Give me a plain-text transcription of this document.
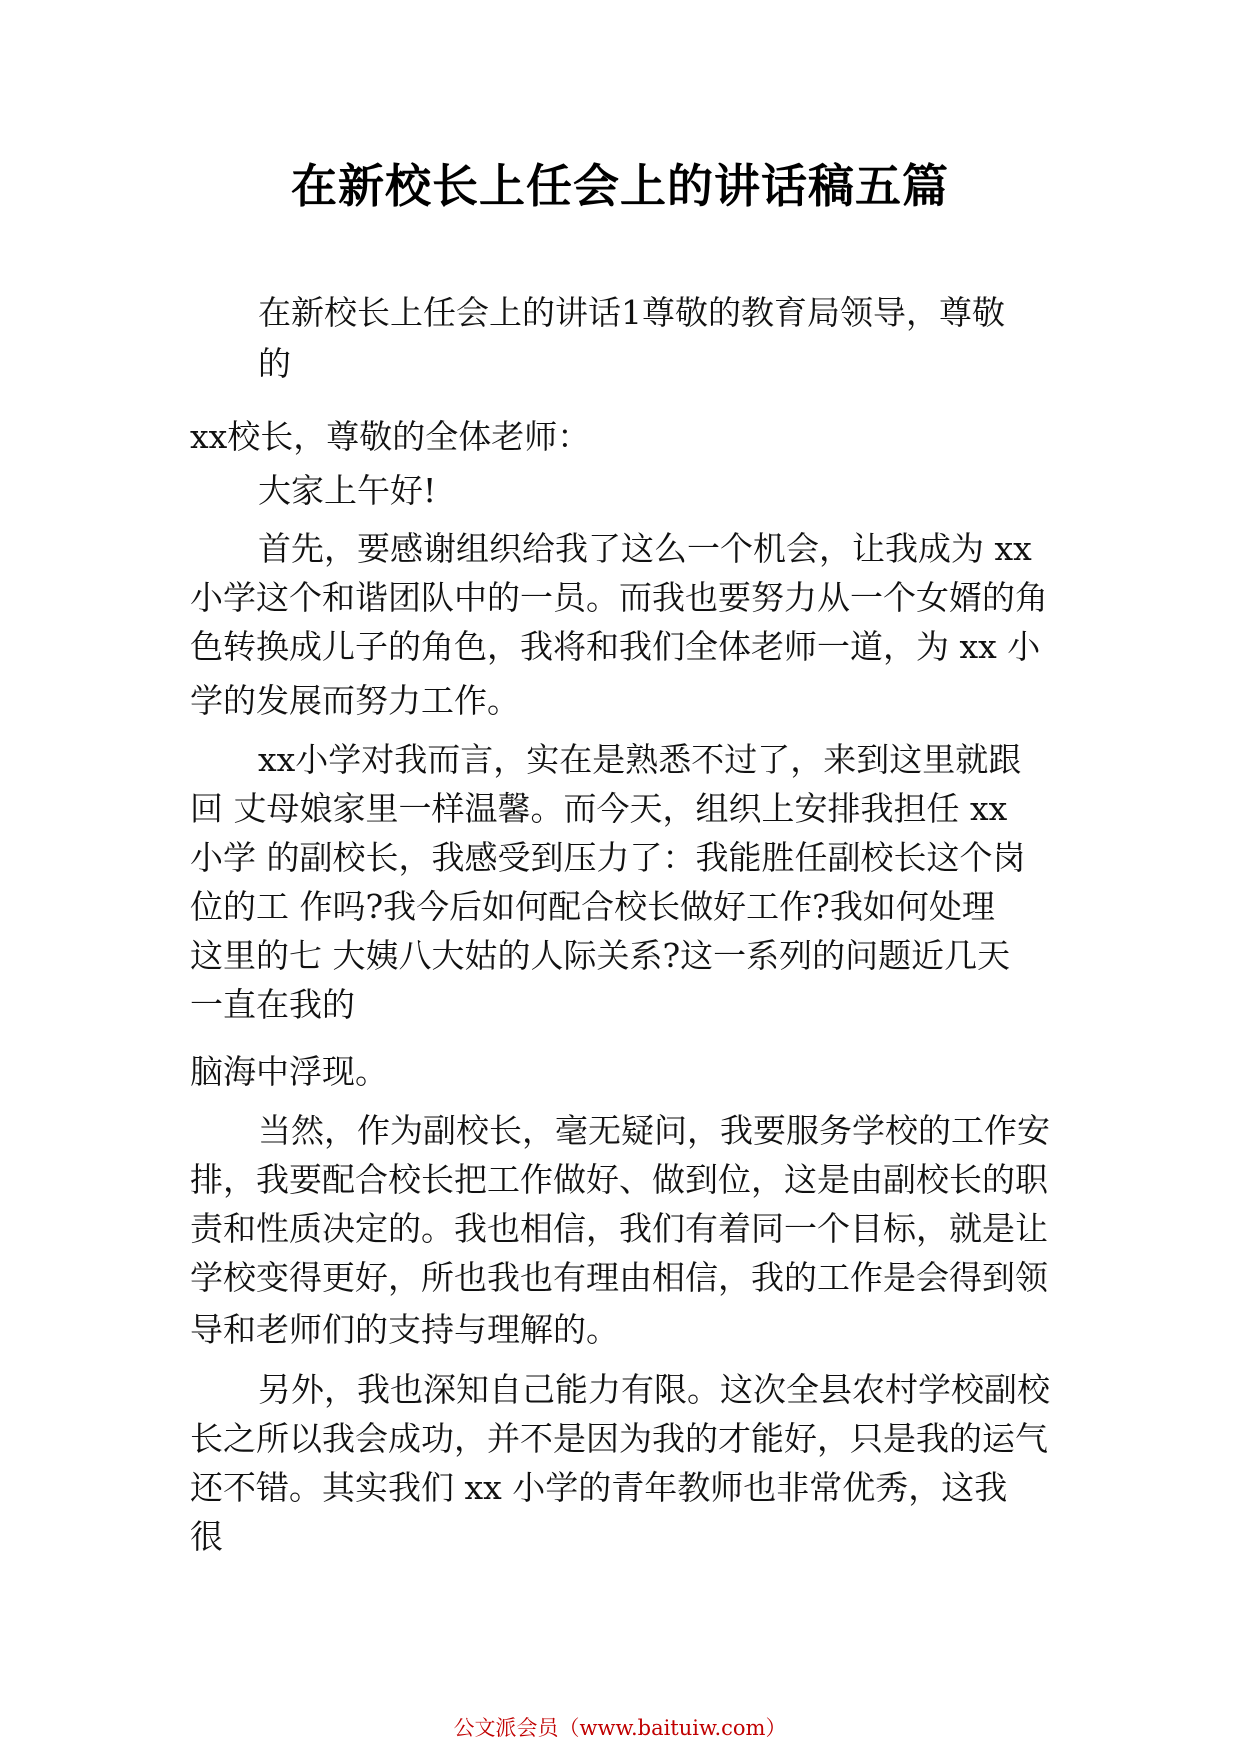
在新校长上任会上的讲话稿五篇
在新校长上任会上的讲话1尊敬的教育局领导，尊敬
的
xx校长，尊敬的全体老师：
大家上午好!
首先，要感谢组织给我了这么一个机会，让我成为 xx
小学这个和谐团队中的一员。而我也要努力从一个女婿的角
色转换成儿子的角色，我将和我们全体老师一道，为 xx 小
学的发展而努力工作。
xx小学对我而言，实在是熟悉不过了，来到这里就跟
回 丈母娘家里一样温馨。而今天，组织上安排我担任 xx
小学 的副校长，我感受到压力了：我能胜任副校长这个岗
位的工 作吗?我今后如何配合校长做好工作?我如何处理
这里的七 大姨八大姑的人际关系?这一系列的问题近几天
一直在我的
脑海中浮现。
当然，作为副校长，毫无疑问，我要服务学校的工作安
排，我要配合校长把工作做好、做到位，这是由副校长的职
责和性质决定的。我也相信，我们有着同一个目标，就是让
学校变得更好，所也我也有理由相信，我的工作是会得到领
导和老师们的支持与理解的。
另外，我也深知自己能力有限。这次全县农村学校副校
长之所以我会成功，并不是因为我的才能好，只是我的运气
还不错。其实我们 xx 小学的青年教师也非常优秀，这我
很
公文派会员（www.baituiw.com）
